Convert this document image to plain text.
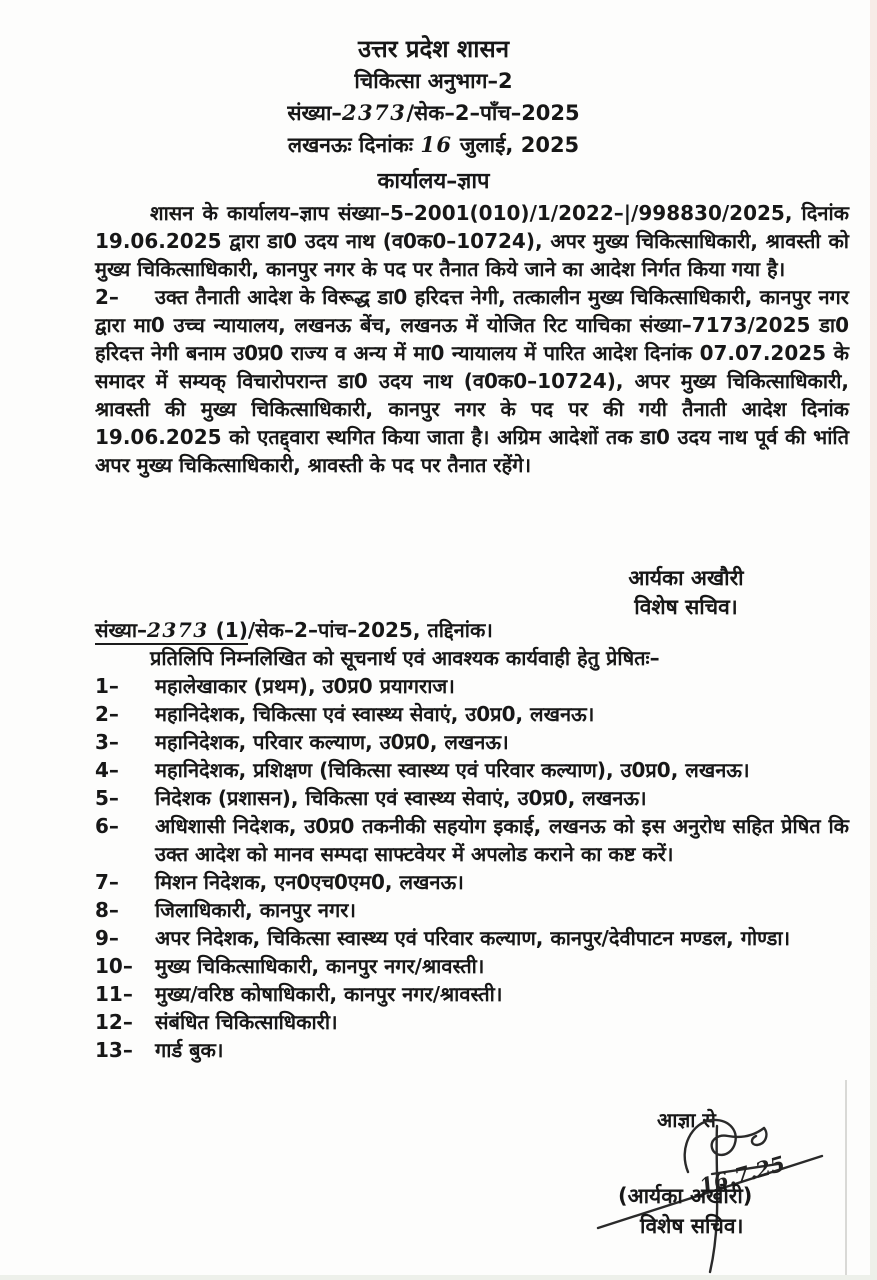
उत्तर प्रदेश शासन
चिकित्सा अनुभाग–2
संख्या–2373/सेक–2–पाँच–2025
लखनऊः दिनांकः 16 जुलाई, 2025
कार्यालय–ज्ञाप

शासन के कार्यालय–ज्ञाप संख्या–5–2001(010)/1/2022–|/998830/2025, दिनांक 19.06.2025 द्वारा डा0 उदय नाथ (व0क0–10724), अपर मुख्य चिकित्साधिकारी, श्रावस्ती को मुख्य चिकित्साधिकारी, कानपुर नगर के पद पर तैनात किये जाने का आदेश निर्गत किया गया है।

2– उक्त तैनाती आदेश के विरूद्ध डा0 हरिदत्त नेगी, तत्कालीन मुख्य चिकित्साधिकारी, कानपुर नगर द्वारा मा0 उच्च न्यायालय, लखनऊ बेंच, लखनऊ में योजित रिट याचिका संख्या–7173/2025 डा0 हरिदत्त नेगी बनाम उ0प्र0 राज्य व अन्य में मा0 न्यायालय में पारित आदेश दिनांक 07.07.2025 के समादर में सम्यक् विचारोपरान्त डा0 उदय नाथ (व0क0–10724), अपर मुख्य चिकित्साधिकारी, श्रावस्ती की मुख्य चिकित्साधिकारी, कानपुर नगर के पद पर की गयी तैनाती आदेश दिनांक 19.06.2025 को एतद्द्वारा स्थगित किया जाता है। अग्रिम आदेशों तक डा0 उदय नाथ पूर्व की भांति अपर मुख्य चिकित्साधिकारी, श्रावस्ती के पद पर तैनात रहेंगे।

आर्यका अखौरी
विशेष सचिव।
संख्या–2373 (1)/सेक–2–पांच–2025, तद्दिनांक।

प्रतिलिपि निम्नलिखित को सूचनार्थ एवं आवश्यक कार्यवाही हेतु प्रेषितः–

1–	महालेखाकार (प्रथम), उ0प्र0 प्रयागराज।
2–	महानिदेशक, चिकित्सा एवं स्वास्थ्य सेवाएं, उ0प्र0, लखनऊ।
3–	महानिदेशक, परिवार कल्याण, उ0प्र0, लखनऊ।
4–	महानिदेशक, प्रशिक्षण (चिकित्सा स्वास्थ्य एवं परिवार कल्याण), उ0प्र0, लखनऊ।
5–	निदेशक (प्रशासन), चिकित्सा एवं स्वास्थ्य सेवाएं, उ0प्र0, लखनऊ।
6–	अधिशासी निदेशक, उ0प्र0 तकनीकी सहयोग इकाई, लखनऊ को इस अनुरोध सहित प्रेषित कि उक्त आदेश को मानव सम्पदा साफ्टवेयर में अपलोड कराने का कष्ट करें।
7–	मिशन निदेशक, एन0एच0एम0, लखनऊ।
8–	जिलाधिकारी, कानपुर नगर।
9–	अपर निदेशक, चिकित्सा स्वास्थ्य एवं परिवार कल्याण, कानपुर/देवीपाटन मण्डल, गोण्डा।
10–	मुख्य चिकित्साधिकारी, कानपुर नगर/श्रावस्ती।
11–	मुख्य/वरिष्ठ कोषाधिकारी, कानपुर नगर/श्रावस्ती।
12–	संबंधित चिकित्साधिकारी।
13–	गार्ड बुक।
आज्ञा से
16.7.25
(आर्यका अखौरी)
विशेष सचिव।
